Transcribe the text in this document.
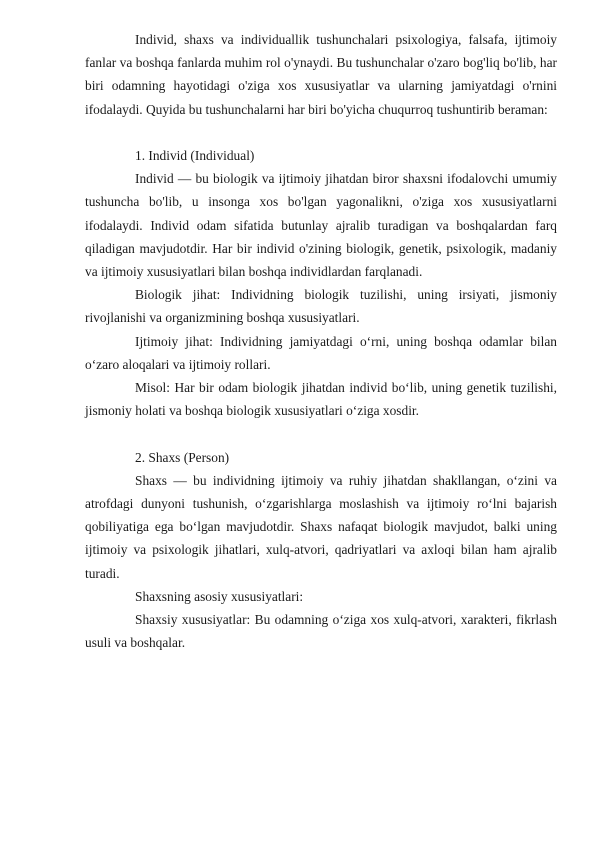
Individ, shaxs va individuallik tushunchalari psixologiya, falsafa, ijtimoiy fanlar va boshqa fanlarda muhim rol o'ynaydi. Bu tushunchalar o'zaro bog'liq bo'lib, har biri odamning hayotidagi o'ziga xos xususiyatlar va ularning jamiyatdagi o'rnini ifodalaydi. Quyida bu tushunchalarni har biri bo'yicha chuqurroq tushuntirib beraman:

1. Individ (Individual)

Individ — bu biologik va ijtimoiy jihatdan biror shaxsni ifodalovchi umumiy tushuncha bo'lib, u insonga xos bo'lgan yagonalikni, o'ziga xos xususiyatlarni ifodalaydi. Individ odam sifatida butunlay ajralib turadigan va boshqalardan farq qiladigan mavjudotdir. Har bir individ o'zining biologik, genetik, psixologik, madaniy va ijtimoiy xususiyatlari bilan boshqa individlardan farqlanadi.

Biologik jihat: Individning biologik tuzilishi, uning irsiyati, jismoniy rivojlanishi va organizmining boshqa xususiyatlari.

Ijtimoiy jihat: Individning jamiyatdagi o‘rni, uning boshqa odamlar bilan o‘zaro aloqalari va ijtimoiy rollari.

Misol: Har bir odam biologik jihatdan individ bo‘lib, uning genetik tuzilishi, jismoniy holati va boshqa biologik xususiyatlari o‘ziga xosdir.

2. Shaxs (Person)

Shaxs — bu individning ijtimoiy va ruhiy jihatdan shakllangan, o‘zini va atrofdagi dunyoni tushunish, o‘zgarishlarga moslashish va ijtimoiy ro‘lni bajarish qobiliyatiga ega bo‘lgan mavjudotdir. Shaxs nafaqat biologik mavjudot, balki uning ijtimoiy va psixologik jihatlari, xulq-atvori, qadriyatlari va axloqi bilan ham ajralib turadi.

Shaxsning asosiy xususiyatlari:

Shaxsiy xususiyatlar: Bu odamning o‘ziga xos xulq-atvori, xarakteri, fikrlash usuli va boshqalar.
